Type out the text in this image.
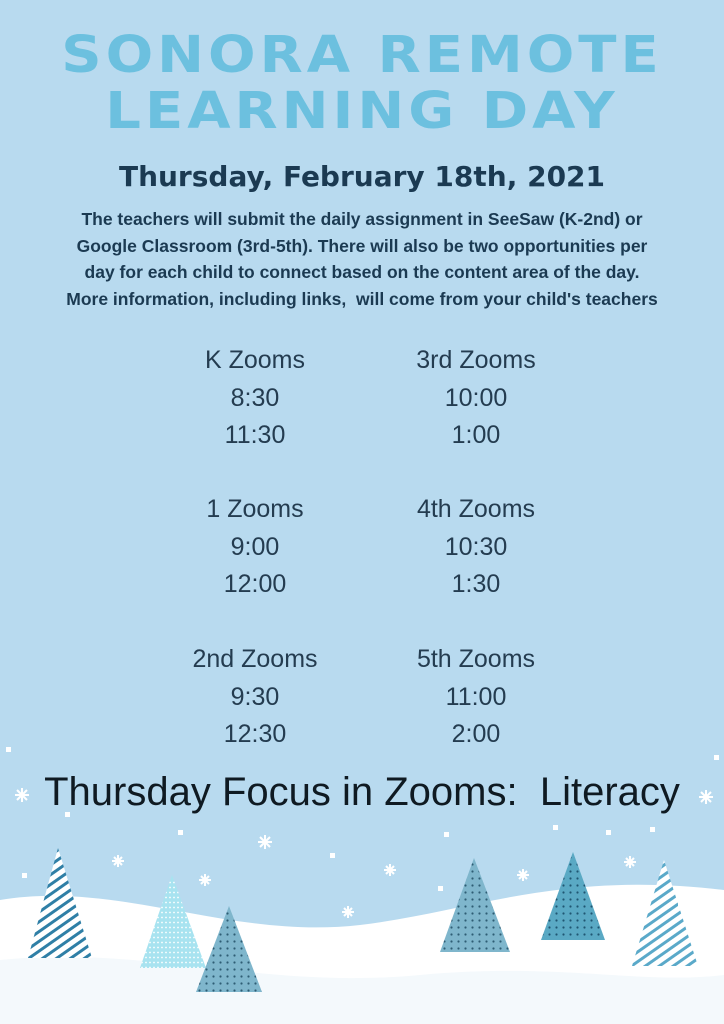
SONORA REMOTE
LEARNING DAY
Thursday, February 18th, 2021
The teachers will submit the daily assignment in SeeSaw (K-2nd) or
Google Classroom (3rd-5th). There will also be two opportunities per
day for each child to connect based on the content area of the day.
More information, including links,  will come from your child's teachers
K Zooms
8:30
11:30
3rd Zooms
10:00
1:00
1 Zooms
9:00
12:00
4th Zooms
10:30
1:30
2nd Zooms
9:30
12:30
5th Zooms
11:00
2:00
Thursday Focus in Zooms:  Literacy
